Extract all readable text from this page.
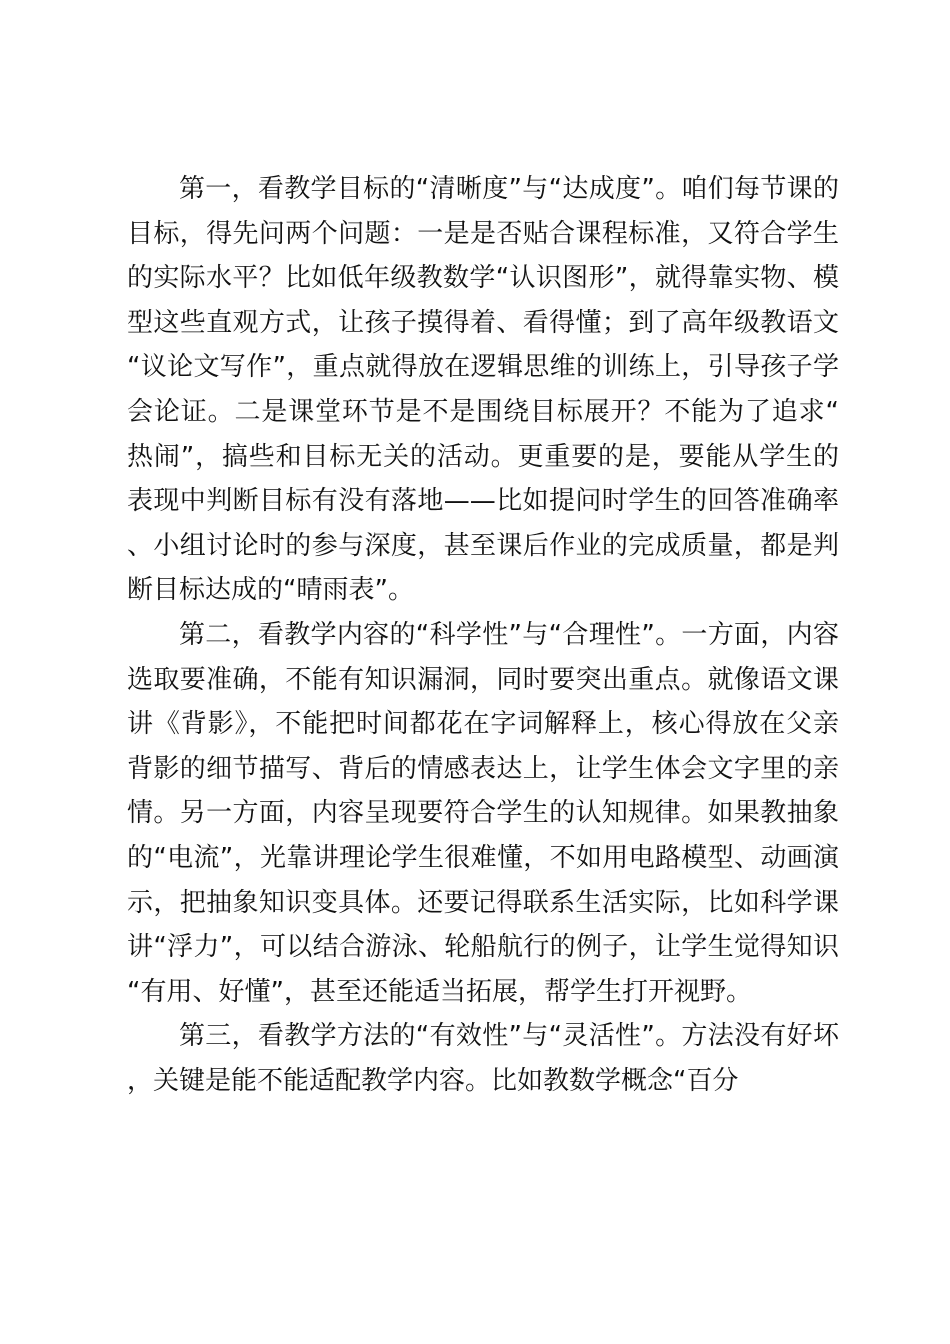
第一，看教学目标的“清晰度”与“达成度”。咱们每节课的目标，得先问两个问题：一是是否贴合课程标准，又符合学生的实际水平？比如低年级教数学“认识图形”，就得靠实物、模型这些直观方式，让孩子摸得着、看得懂；到了高年级教语文“议论文写作”，重点就得放在逻辑思维的训练上，引导孩子学会论证。二是课堂环节是不是围绕目标展开？不能为了追求“热闹”，搞些和目标无关的活动。更重要的是，要能从学生的表现中判断目标有没有落地——比如提问时学生的回答准确率、小组讨论时的参与深度，甚至课后作业的完成质量，都是判断目标达成的“晴雨表”。

第二，看教学内容的“科学性”与“合理性”。一方面，内容选取要准确，不能有知识漏洞，同时要突出重点。就像语文课讲《背影》，不能把时间都花在字词解释上，核心得放在父亲背影的细节描写、背后的情感表达上，让学生体会文字里的亲情。另一方面，内容呈现要符合学生的认知规律。如果教抽象的“电流”，光靠讲理论学生很难懂，不如用电路模型、动画演示，把抽象知识变具体。还要记得联系生活实际，比如科学课讲“浮力”，可以结合游泳、轮船航行的例子，让学生觉得知识“有用、好懂”，甚至还能适当拓展，帮学生打开视野。

第三，看教学方法的“有效性”与“灵活性”。方法没有好坏，关键是能不能适配教学内容。比如教数学概念“百分
